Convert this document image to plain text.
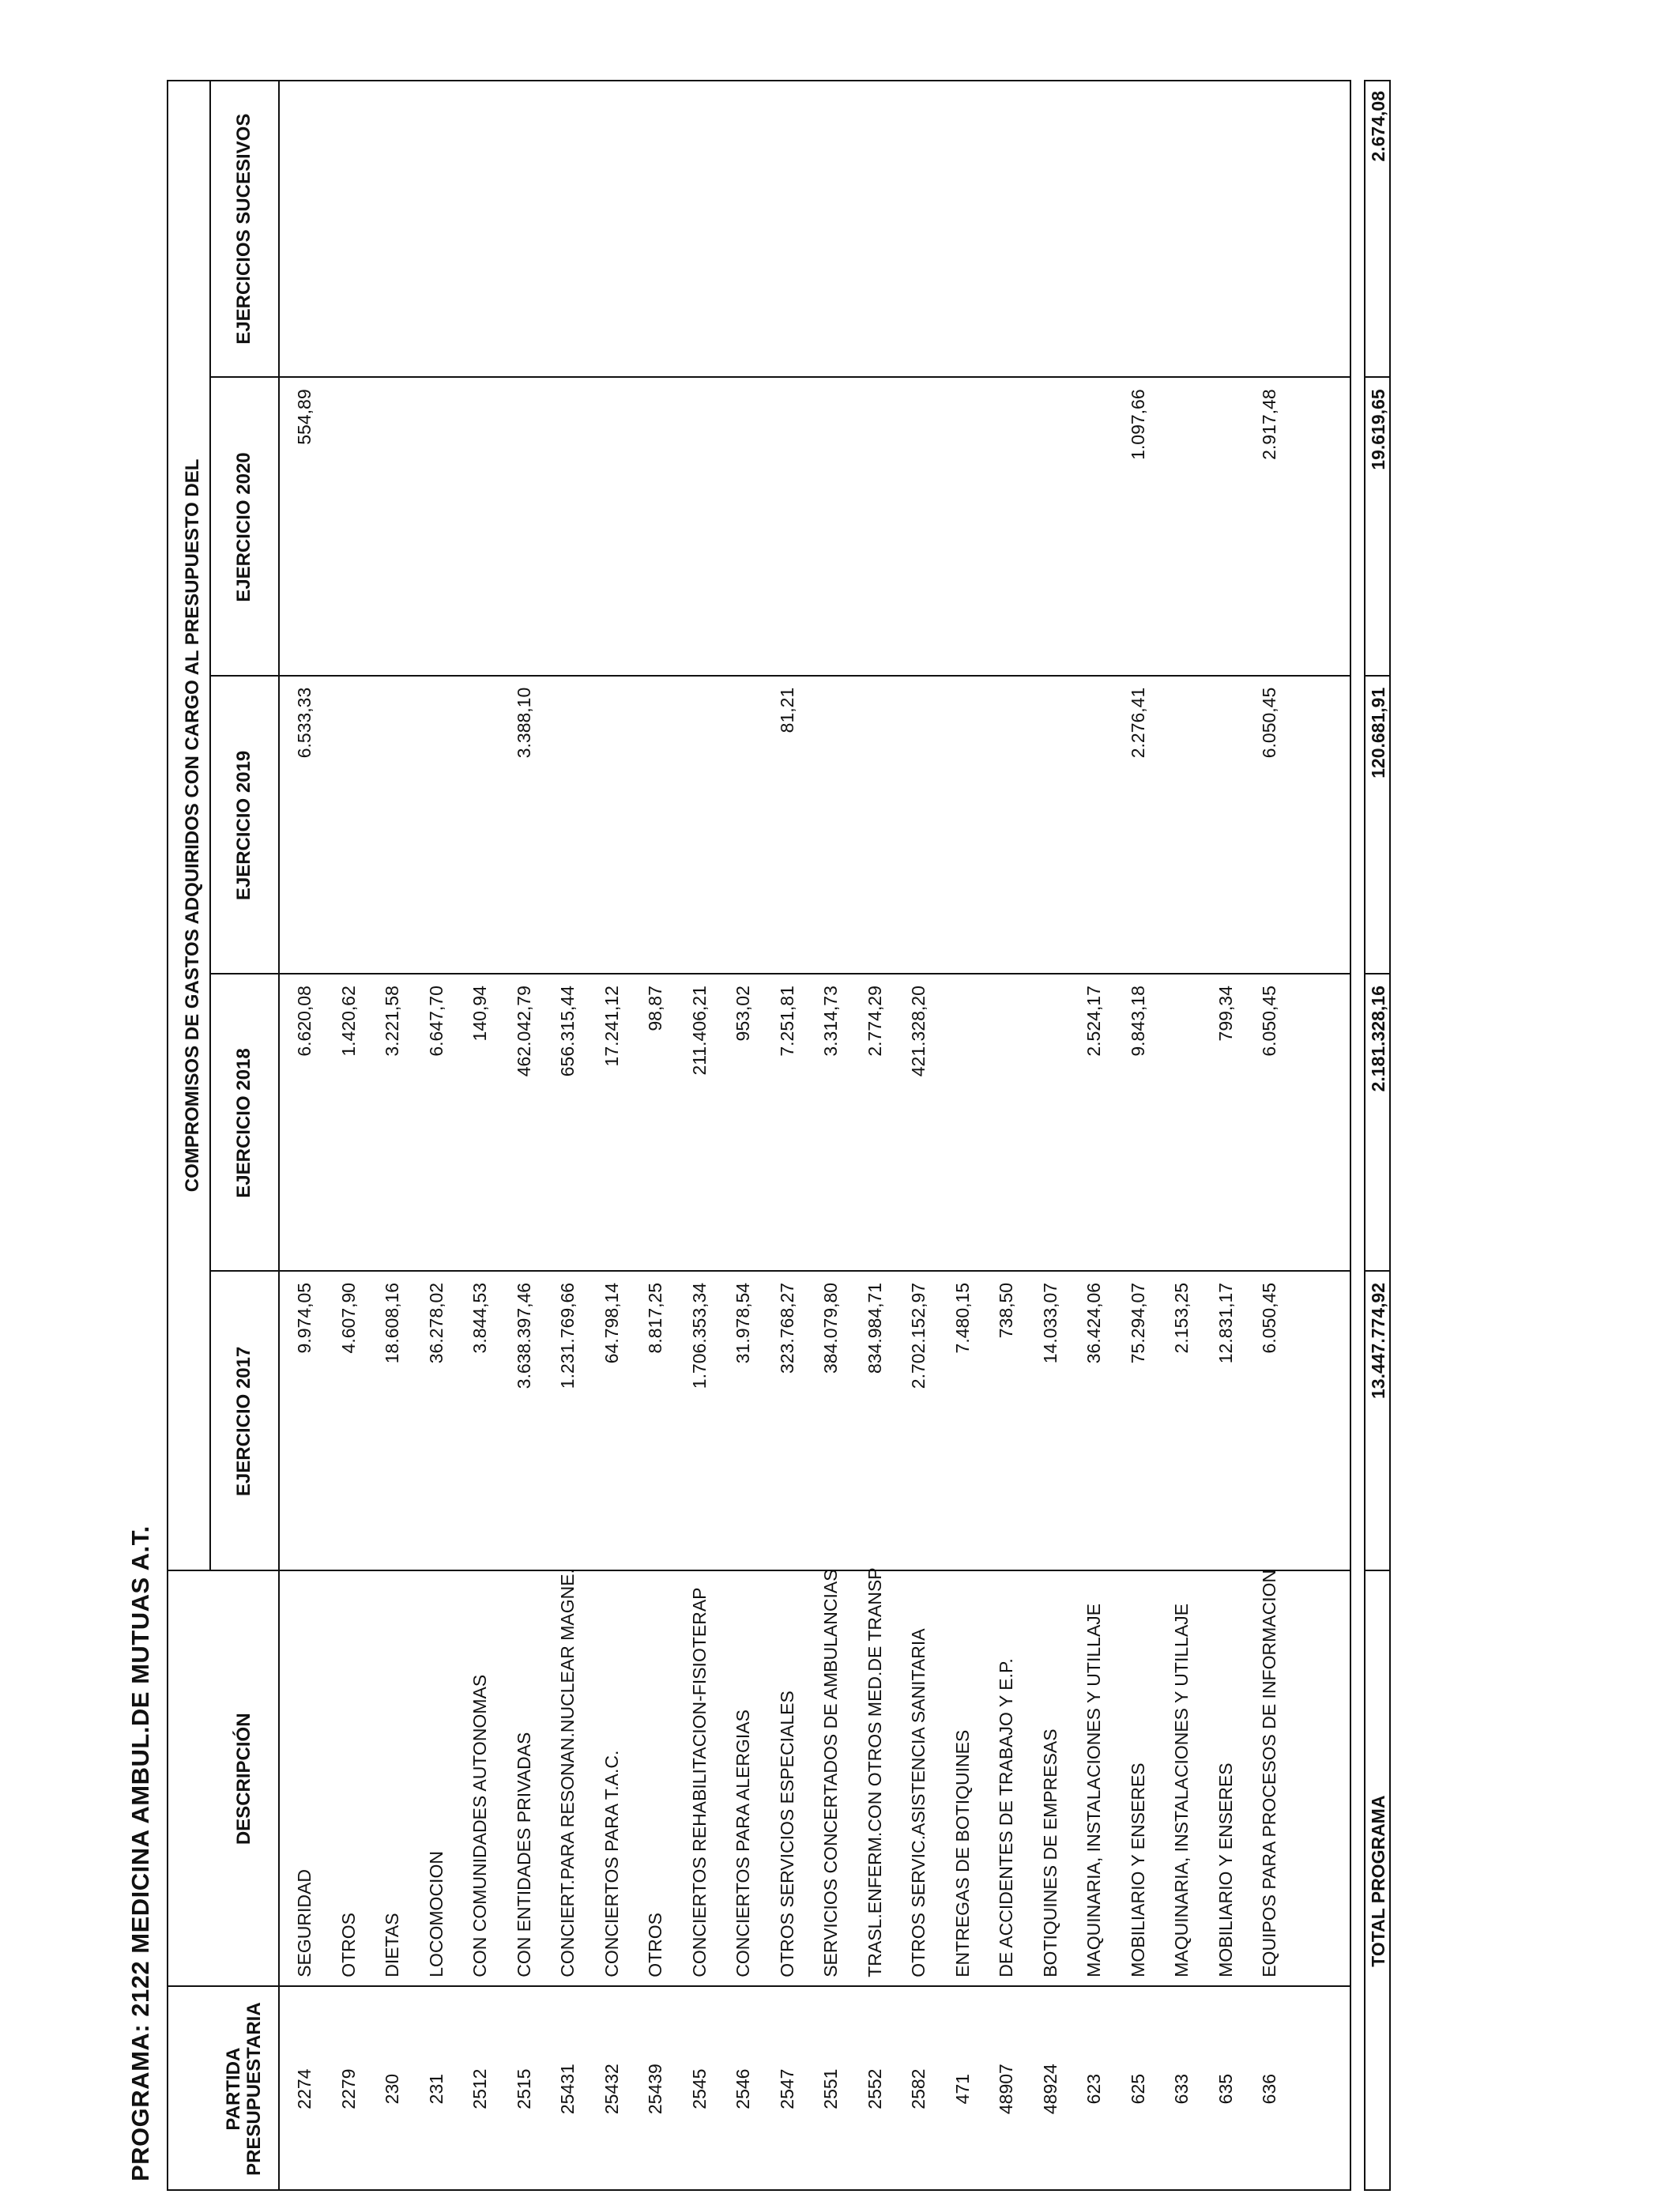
PROGRAMA: 2122 MEDICINA AMBUL.DE MUTUAS A.T.	PARTIDA PRESUPUESTARIA
DESCRIPCIÓN
COMPROMISOS DE GASTOS ADQUIRIDOS CON CARGO AL PRESUPUESTO DEL
EJERCICIO 2017
EJERCICIO 2018
EJERCICIO 2019
EJERCICIO 2020
EJERCICIOS SUCESIVOS
2274
SEGURIDAD
9.974,05
6.620,08
6.533,33
554,89
2279
OTROS
4.607,90
1.420,62
230
DIETAS
18.608,16
3.221,58
231
LOCOMOCION
36.278,02
6.647,70
2512
CON COMUNIDADES AUTONOMAS
3.844,53
140,94
2515
CON ENTIDADES PRIVADAS
3.638.397,46
462.042,79
3.388,10
25431
CONCIERT.PARA RESONAN.NUCLEAR MAGNE.
1.231.769,66
656.315,44
25432
CONCIERTOS PARA T.A.C.
64.798,14
17.241,12
25439
OTROS
8.817,25
98,87
2545
CONCIERTOS REHABILITACION-FISIOTERAP
1.706.353,34
211.406,21
2546
CONCIERTOS PARA ALERGIAS
31.978,54
953,02
2547
OTROS SERVICIOS ESPECIALES
323.768,27
7.251,81
81,21
2551
SERVICIOS CONCERTADOS DE AMBULANCIAS
384.079,80
3.314,73
2552
TRASL.ENFERM.CON OTROS MED.DE TRANSP
834.984,71
2.774,29
2582
OTROS SERVIC.ASISTENCIA SANITARIA
2.702.152,97
421.328,20
471
ENTREGAS DE BOTIQUINES
7.480,15
48907
DE ACCIDENTES DE TRABAJO Y E.P.
738,50
48924
BOTIQUINES DE EMPRESAS
14.033,07
623
MAQUINARIA, INSTALACIONES Y UTILLAJE
36.424,06
2.524,17
625
MOBILIARIO Y ENSERES
75.294,07
9.843,18
2.276,41
1.097,66
633
MAQUINARIA, INSTALACIONES Y UTILLAJE
2.153,25
635
MOBILIARIO Y ENSERES
12.831,17
799,34
636
EQUIPOS PARA PROCESOS DE INFORMACION
6.050,45
6.050,45
6.050,45
2.917,48
TOTAL PROGRAMA
13.447.774,92
2.181.328,16
120.681,91
19.619,65
2.674,08
